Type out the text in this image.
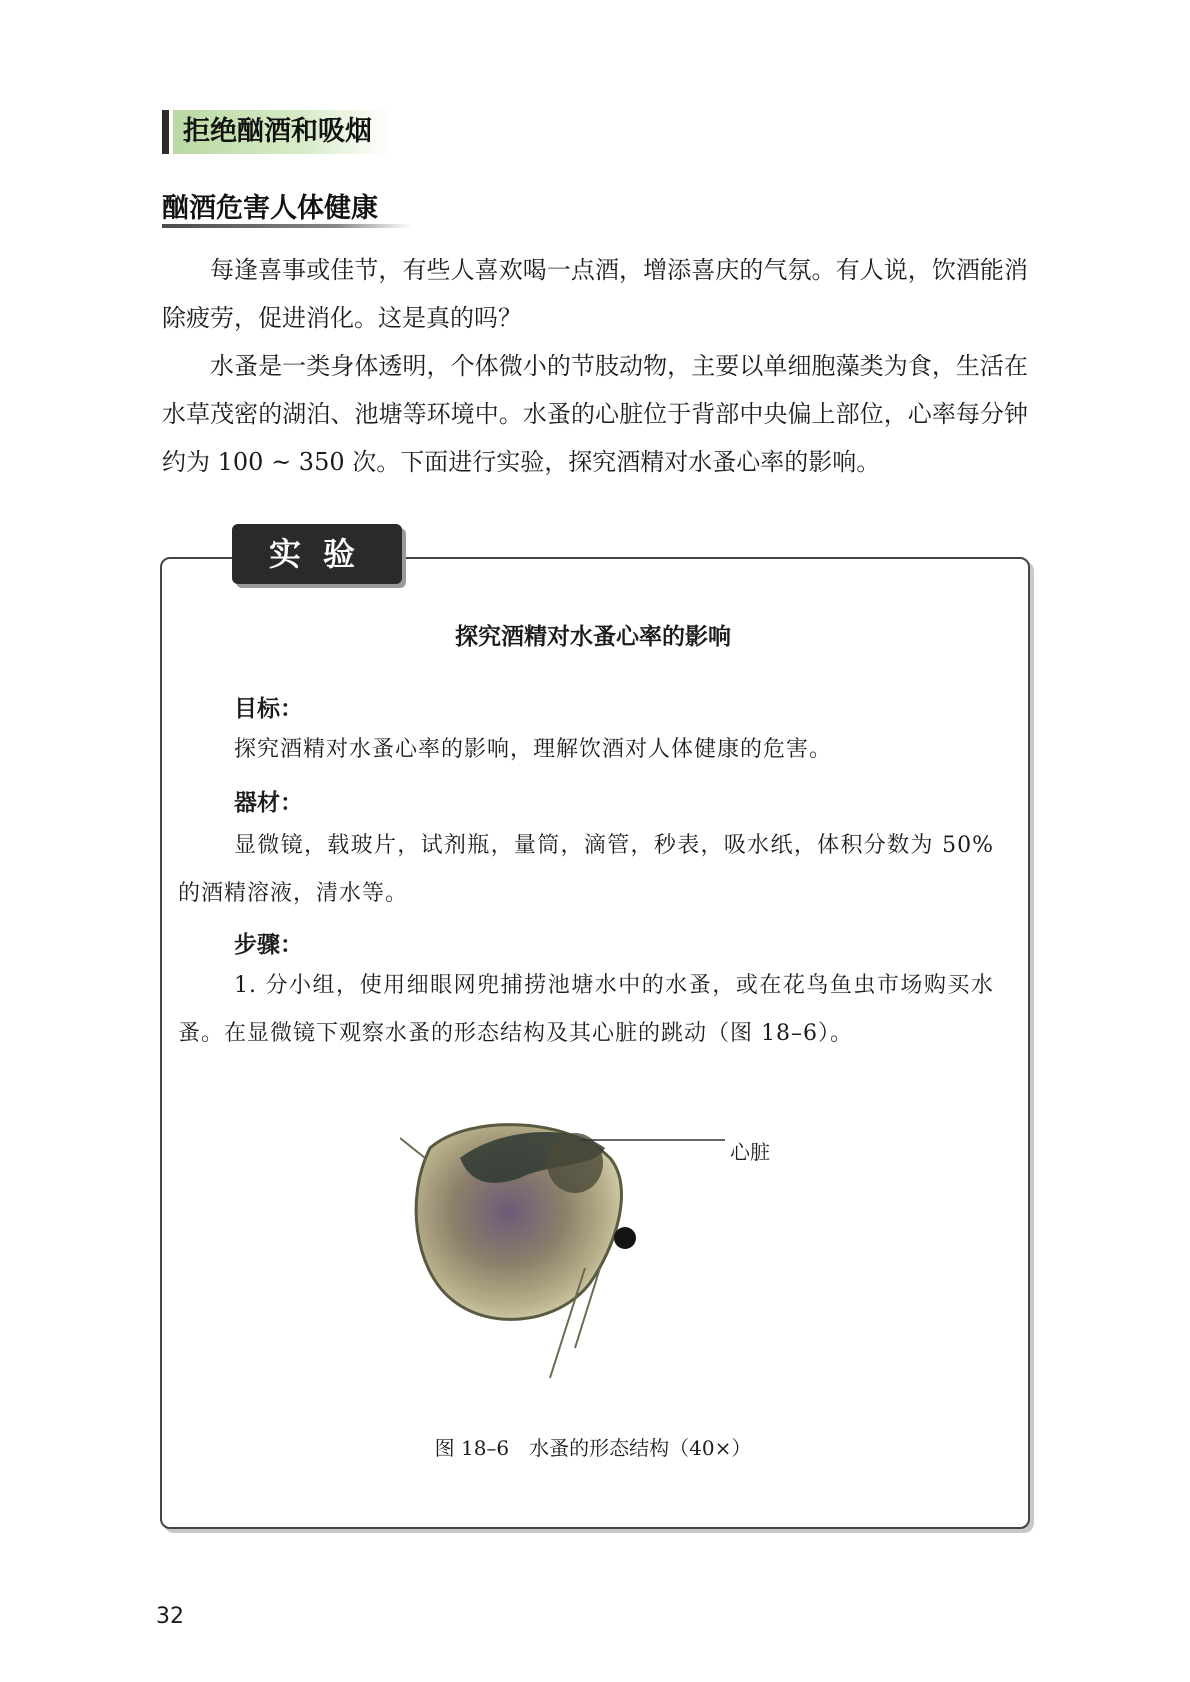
拒绝酗酒和吸烟
酗酒危害人体健康

每逢喜事或佳节，有些人喜欢喝一点酒，增添喜庆的气氛。有人说，饮酒能消除疲劳，促进消化。这是真的吗？

水蚤是一类身体透明，个体微小的节肢动物，主要以单细胞藻类为食，生活在水草茂密的湖泊、池塘等环境中。水蚤的心脏位于背部中央偏上部位，心率每分钟约为 100 ~ 350 次。下面进行实验，探究酒精对水蚤心率的影响。

实验
探究酒精对水蚤心率的影响
目标：

探究酒精对水蚤心率的影响，理解饮酒对人体健康的危害。

器材：

显微镜，载玻片，试剂瓶，量筒，滴管，秒表，吸水纸，体积分数为 50% 的酒精溶液，清水等。

步骤：

1. 分小组，使用细眼网兜捕捞池塘水中的水蚤，或在花鸟鱼虫市场购买水蚤。在显微镜下观察水蚤的形态结构及其心脏的跳动（图 18–6）。

心脏
图 18–6　水蚤的形态结构（40×）
32
